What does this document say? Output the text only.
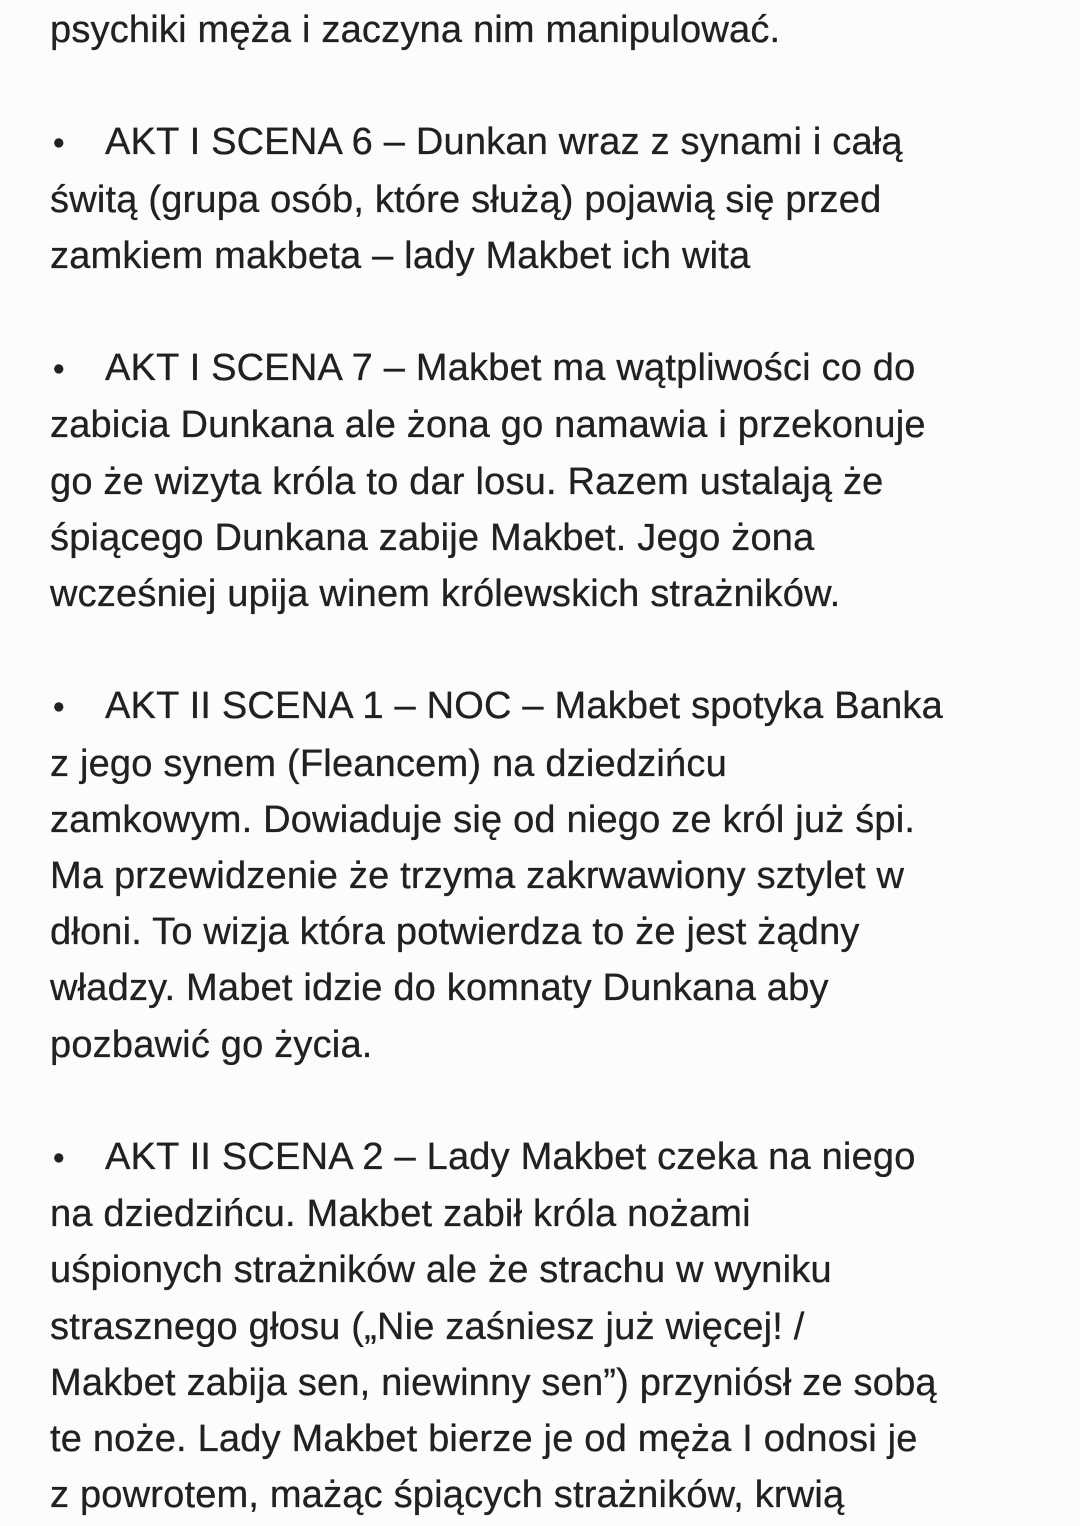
psychiki męża i zaczyna nim manipulować.
• AKT I SCENA 6 – Dunkan wraz z synami i całą
świtą (grupa osób, które służą) pojawią się przed
zamkiem makbeta – lady Makbet ich wita
• AKT I SCENA 7 – Makbet ma wątpliwości co do
zabicia Dunkana ale żona go namawia i przekonuje
go że wizyta króla to dar losu. Razem ustalają że
śpiącego Dunkana zabije Makbet. Jego żona
wcześniej upija winem królewskich strażników.
• AKT II SCENA 1 – NOC – Makbet spotyka Banka
z jego synem (Fleancem) na dziedzińcu
zamkowym. Dowiaduje się od niego ze król już śpi.
Ma przewidzenie że trzyma zakrwawiony sztylet w
dłoni. To wizja która potwierdza to że jest żądny
władzy. Mabet idzie do komnaty Dunkana aby
pozbawić go życia.
• AKT II SCENA 2 – Lady Makbet czeka na niego
na dziedzińcu. Makbet zabił króla nożami
uśpionych strażników ale że strachu w wyniku
strasznego głosu („Nie zaśniesz już więcej! /
Makbet zabija sen, niewinny sen”) przyniósł ze sobą
te noże. Lady Makbet bierze je od męża I odnosi je
z powrotem, mażąc śpiących strażników, krwią
